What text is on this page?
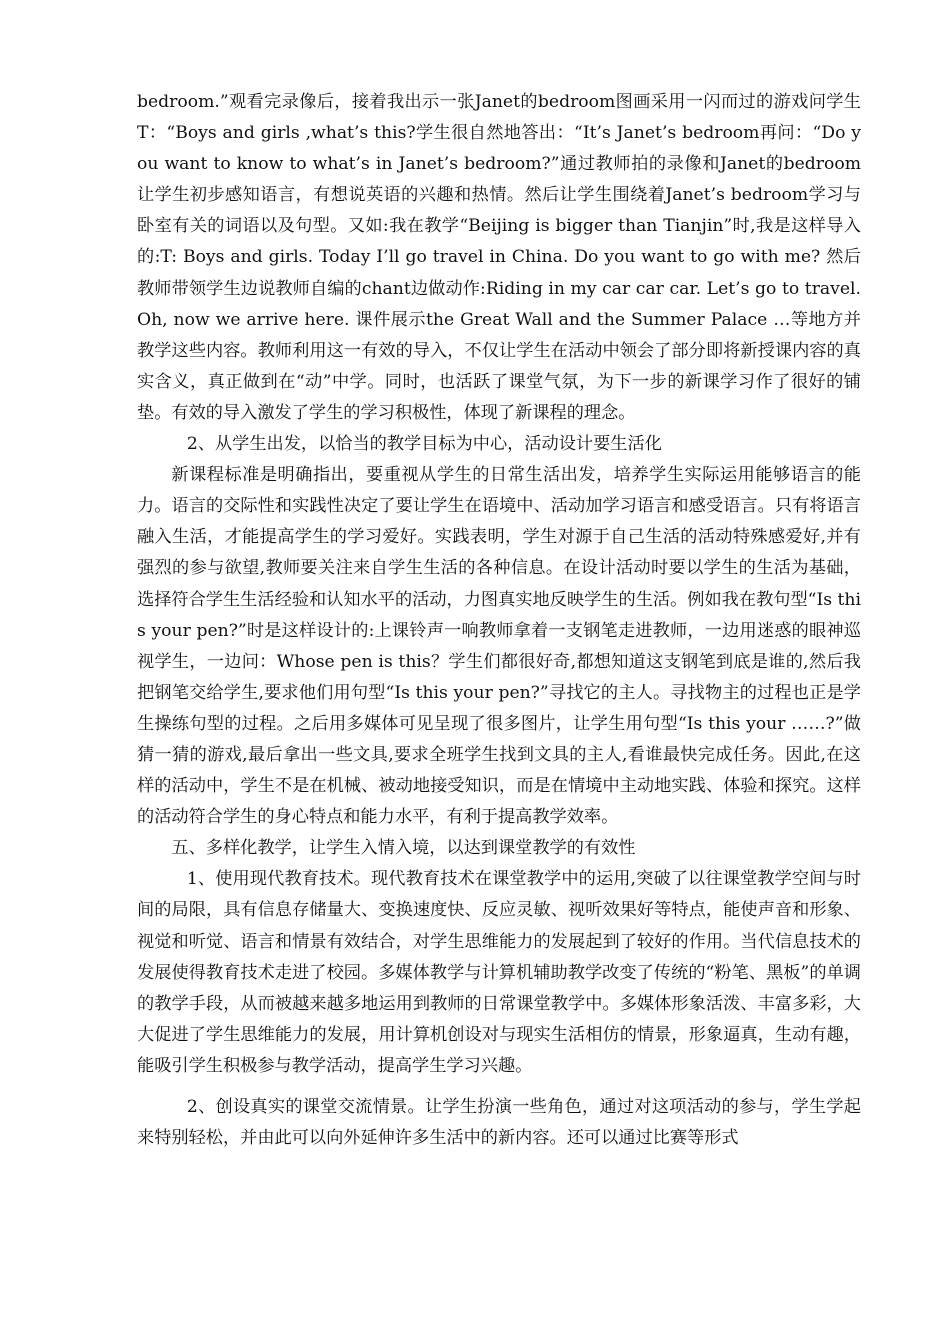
bedroom.”观看完录像后，接着我出示一张Janet的bedroom图画采用一闪而过的游戏问学生T：“Boys and girls ,what’s this?学生很自然地答出：“It’s Janet’s bedroom再问：“Do you want to know to what’s in Janet’s bedroom?”通过教师拍的录像和Janet的bedroom让学生初步感知语言，有想说英语的兴趣和热情。然后让学生围绕着Janet’s bedroom学习与卧室有关的词语以及句型。又如:我在教学“Beijing is bigger than Tianjin”时,我是这样导入的:T: Boys and girls. Today I’ll go travel in China. Do you want to go with me? 然后教师带领学生边说教师自编的chant边做动作:Riding in my car car car. Let’s go to travel. Oh, now we arrive here. 课件展示the Great Wall and the Summer Palace …等地方并教学这些内容。教师利用这一有效的导入，不仅让学生在活动中领会了部分即将新授课内容的真实含义，真正做到在“动”中学。同时，也活跃了课堂气氛，为下一步的新课学习作了很好的铺垫。有效的导入激发了学生的学习积极性，体现了新课程的理念。

2、从学生出发，以恰当的教学目标为中心，活动设计要生活化

新课程标准是明确指出，要重视从学生的日常生活出发，培养学生实际运用能够语言的能力。语言的交际性和实践性决定了要让学生在语境中、活动加学习语言和感受语言。只有将语言融入生活，才能提高学生的学习爱好。实践表明，学生对源于自己生活的活动特殊感爱好,并有强烈的参与欲望,教师要关注来自学生生活的各种信息。在设计活动时要以学生的生活为基础，选择符合学生生活经验和认知水平的活动，力图真实地反映学生的生活。例如我在教句型“Is this your pen?”时是这样设计的:上课铃声一响教师拿着一支钢笔走进教师，一边用迷惑的眼神巡视学生，一边问：Whose pen is this？学生们都很好奇,都想知道这支钢笔到底是谁的,然后我把钢笔交给学生,要求他们用句型“Is this your pen?”寻找它的主人。寻找物主的过程也正是学生操练句型的过程。之后用多媒体可见呈现了很多图片，让学生用句型“Is this your ……?”做猜一猜的游戏,最后拿出一些文具,要求全班学生找到文具的主人,看谁最快完成任务。因此,在这样的活动中，学生不是在机械、被动地接受知识，而是在情境中主动地实践、体验和探究。这样的活动符合学生的身心特点和能力水平，有利于提高教学效率。

五、多样化教学，让学生入情入境，以达到课堂教学的有效性

1、使用现代教育技术。现代教育技术在课堂教学中的运用,突破了以往课堂教学空间与时间的局限，具有信息存储量大、变换速度快、反应灵敏、视听效果好等特点，能使声音和形象、视觉和听觉、语言和情景有效结合，对学生思维能力的发展起到了较好的作用。当代信息技术的发展使得教育技术走进了校园。多媒体教学与计算机辅助教学改变了传统的“粉笔、黑板”的单调的教学手段，从而被越来越多地运用到教师的日常课堂教学中。多媒体形象活泼、丰富多彩，大大促进了学生思维能力的发展，用计算机创设对与现实生活相仿的情景，形象逼真，生动有趣，能吸引学生积极参与教学活动，提高学生学习兴趣。

2、创设真实的课堂交流情景。让学生扮演一些角色，通过对这项活动的参与，学生学起来特别轻松，并由此可以向外延伸许多生活中的新内容。还可以通过比赛等形式
